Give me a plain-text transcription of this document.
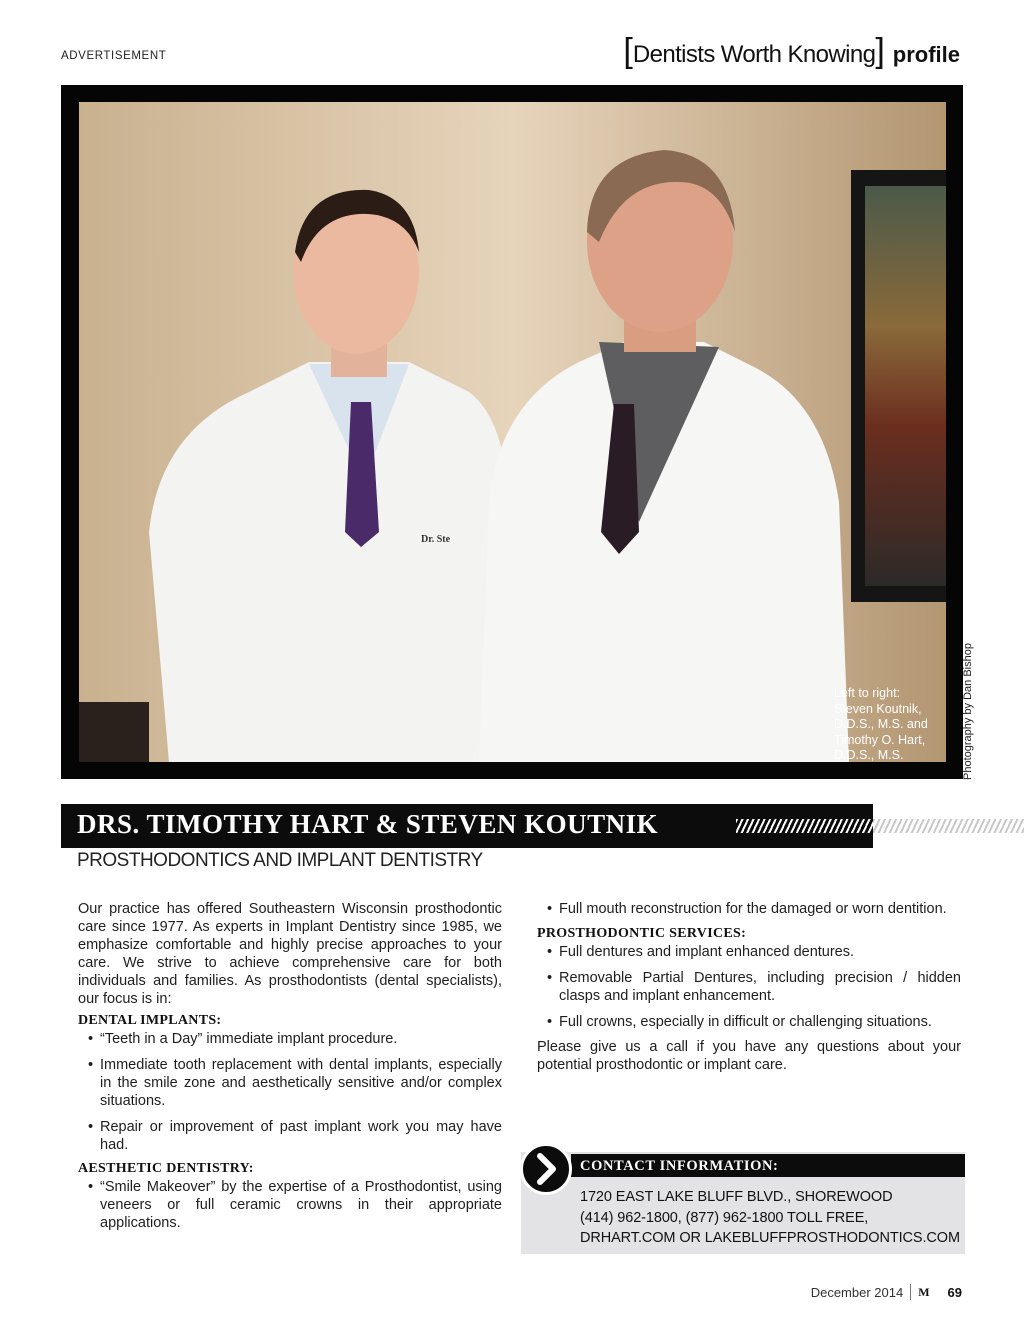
ADVERTISEMENT	[ Dentists Worth Knowing ] profile
Dr. Ste
Left to right:
Steven Koutnik,
D.D.S., M.S. and
Timothy O. Hart,
D.D.S., M.S.	Photography by Dan Bishop
DRS. TIMOTHY HART & STEVEN KOUTNIK
PROSTHODONTICS AND IMPLANT DENTISTRY

Our practice has offered Southeastern Wisconsin prosthodontic care since 1977. As experts in Implant Dentistry since 1985, we emphasize comfortable and highly precise approaches to your care. We strive to achieve comprehensive care for both individuals and families. As prosthodontists (dental specialists), our focus is in:

DENTAL IMPLANTS:
• “Teeth in a Day” immediate implant procedure.
• Immediate tooth replacement with dental implants, especially in the smile zone and aesthetically sensitive and/or complex situations.
• Repair or improvement of past implant work you may have had.
AESTHETIC DENTISTRY:
• “Smile Makeover” by the expertise of a Prosthodontist, using veneers or full ceramic crowns in their appropriate applications.
• Full mouth reconstruction for the damaged or worn dentition.
PROSTHODONTIC SERVICES:
• Full dentures and implant enhanced dentures.
• Removable Partial Dentures, including precision / hidden clasps and implant enhancement.
• Full crowns, especially in difficult or challenging situations.

Please give us a call if you have any questions about your potential prosthodontic or implant care.

CONTACT INFORMATION:
1720 EAST LAKE BLUFF BLVD., SHOREWOOD
(414) 962-1800, (877) 962-1800 TOLL FREE,
DRHART.COM OR LAKEBLUFFPROSTHODONTICS.COM
December 2014 M 69
